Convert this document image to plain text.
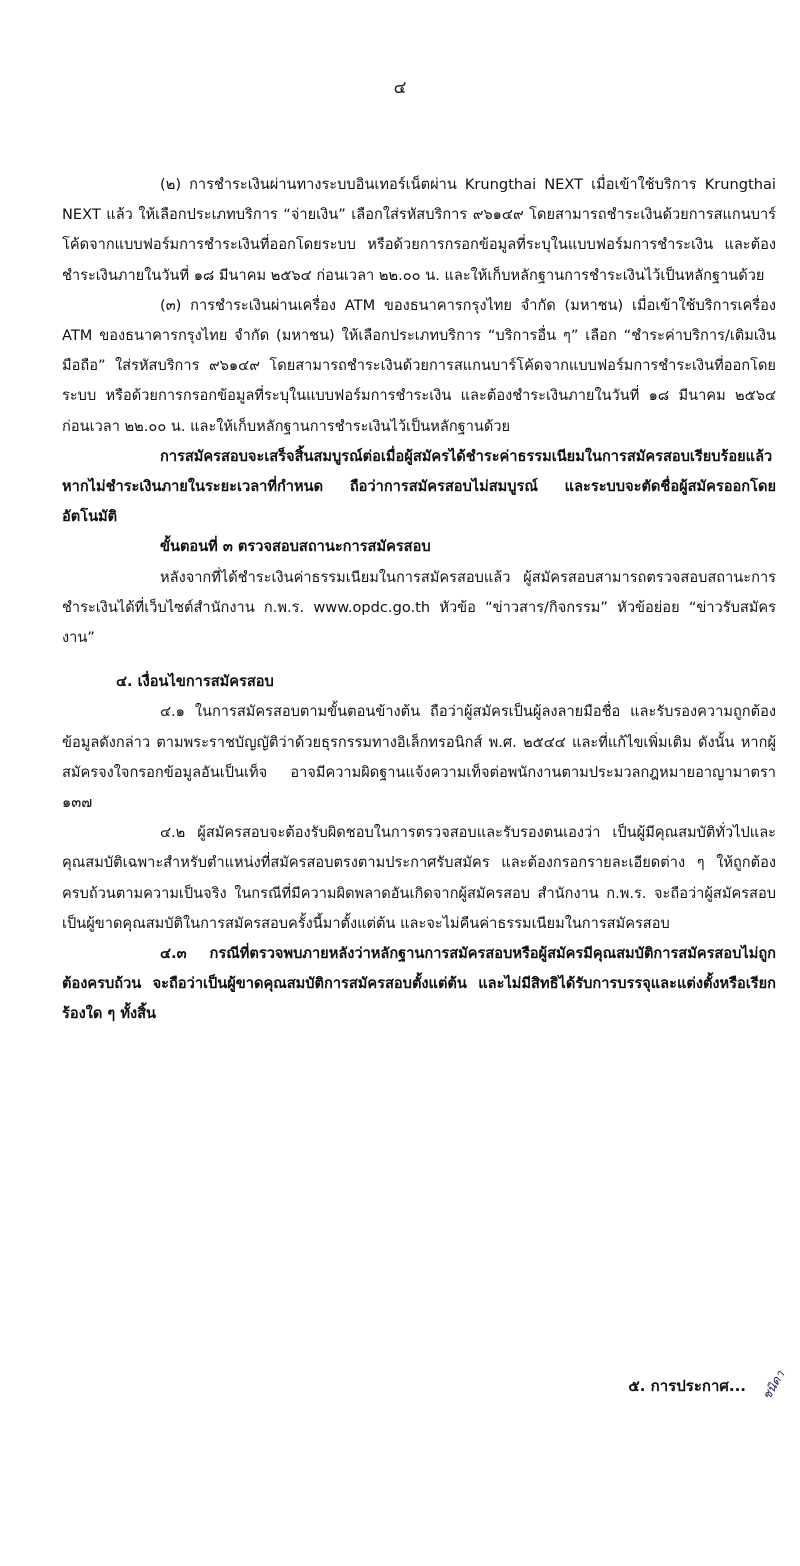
๔

(๒) การชำระเงินผ่านทางระบบอินเทอร์เน็ตผ่าน Krungthai NEXT เมื่อเข้าใช้บริการ Krungthai NEXT แล้ว ให้เลือกประเภทบริการ “จ่ายเงิน” เลือกใส่รหัสบริการ ๙๖๑๔๙ โดยสามารถชำระเงินด้วยการสแกนบาร์โค้ดจากแบบฟอร์มการชำระเงินที่ออกโดยระบบ หรือด้วยการกรอกข้อมูลที่ระบุในแบบฟอร์มการชำระเงิน และต้องชำระเงินภายในวันที่ ๑๘ มีนาคม ๒๕๖๔ ก่อนเวลา ๒๒.๐๐ น. และให้เก็บหลักฐานการชำระเงินไว้เป็นหลักฐานด้วย

(๓) การชำระเงินผ่านเครื่อง ATM ของธนาคารกรุงไทย จำกัด (มหาชน) เมื่อเข้าใช้บริการเครื่อง ATM ของธนาคารกรุงไทย จำกัด (มหาชน) ให้เลือกประเภทบริการ “บริการอื่น ๆ” เลือก “ชำระค่าบริการ/เติมเงินมือถือ” ใส่รหัสบริการ ๙๖๑๔๙ โดยสามารถชำระเงินด้วยการสแกนบาร์โค้ดจากแบบฟอร์มการชำระเงินที่ออกโดยระบบ หรือด้วยการกรอกข้อมูลที่ระบุในแบบฟอร์มการชำระเงิน และต้องชำระเงินภายในวันที่ ๑๘ มีนาคม ๒๕๖๔ ก่อนเวลา ๒๒.๐๐ น. และให้เก็บหลักฐานการชำระเงินไว้เป็นหลักฐานด้วย

การสมัครสอบจะเสร็จสิ้นสมบูรณ์ต่อเมื่อผู้สมัครได้ชำระค่าธรรมเนียมในการสมัครสอบเรียบร้อยแล้ว หากไม่ชำระเงินภายในระยะเวลาที่กำหนด ถือว่าการสมัครสอบไม่สมบูรณ์ และระบบจะตัดชื่อผู้สมัครออกโดยอัตโนมัติ

ขั้นตอนที่ ๓ ตรวจสอบสถานะการสมัครสอบ

หลังจากที่ได้ชำระเงินค่าธรรมเนียมในการสมัครสอบแล้ว ผู้สมัครสอบสามารถตรวจสอบสถานะการชำระเงินได้ที่เว็บไซต์สำนักงาน ก.พ.ร. www.opdc.go.th หัวข้อ “ข่าวสาร/กิจกรรม” หัวข้อย่อย “ข่าวรับสมัครงาน”

๔. เงื่อนไขการสมัครสอบ

๔.๑ ในการสมัครสอบตามขั้นตอนข้างต้น ถือว่าผู้สมัครเป็นผู้ลงลายมือชื่อ และรับรองความถูกต้องข้อมูลดังกล่าว ตามพระราชบัญญัติว่าด้วยธุรกรรมทางอิเล็กทรอนิกส์ พ.ศ. ๒๕๔๔ และที่แก้ไขเพิ่มเติม ดังนั้น หากผู้สมัครจงใจกรอกข้อมูลอันเป็นเท็จ อาจมีความผิดฐานแจ้งความเท็จต่อพนักงานตามประมวลกฎหมายอาญามาตรา ๑๓๗

๔.๒ ผู้สมัครสอบจะต้องรับผิดชอบในการตรวจสอบและรับรองตนเองว่า เป็นผู้มีคุณสมบัติทั่วไปและคุณสมบัติเฉพาะสำหรับตำแหน่งที่สมัครสอบตรงตามประกาศรับสมัคร และต้องกรอกรายละเอียดต่าง ๆ ให้ถูกต้องครบถ้วนตามความเป็นจริง ในกรณีที่มีความผิดพลาดอันเกิดจากผู้สมัครสอบ สำนักงาน ก.พ.ร. จะถือว่าผู้สมัครสอบเป็นผู้ขาดคุณสมบัติในการสมัครสอบครั้งนี้มาตั้งแต่ต้น และจะไม่คืนค่าธรรมเนียมในการสมัครสอบ

๔.๓ กรณีที่ตรวจพบภายหลังว่าหลักฐานการสมัครสอบหรือผู้สมัครมีคุณสมบัติการสมัครสอบไม่ถูกต้องครบถ้วน จะถือว่าเป็นผู้ขาดคุณสมบัติการสมัครสอบตั้งแต่ต้น และไม่มีสิทธิได้รับการบรรจุและแต่งตั้งหรือเรียกร้องใด ๆ ทั้งสิ้น

๕. การประกาศ... ชนิดา
